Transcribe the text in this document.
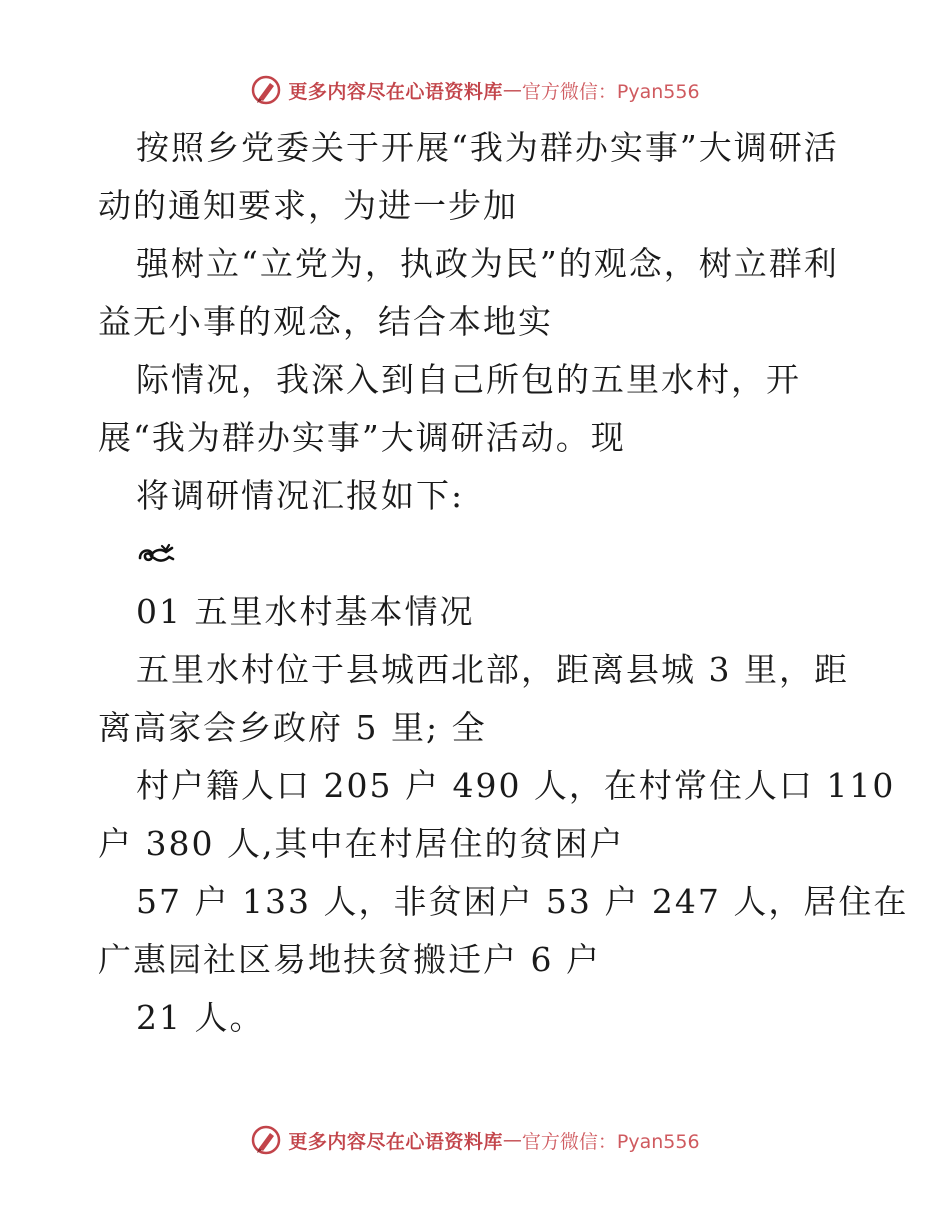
更多内容尽在心语资料库 — 官方微信：Pyan556
按照乡党委关于开展“我为群办实事”大调研活
动的通知要求，为进一步加
强树立“立党为，执政为民”的观念，树立群利
益无小事的观念，结合本地实
际情况，我深入到自己所包的五里水村，开
展“我为群办实事”大调研活动。现
将调研情况汇报如下:
01 五里水村基本情况
五里水村位于县城西北部，距离县城 3 里，距
离高家会乡政府 5 里; 全
村户籍人口 205 户 490 人，在村常住人口 110
户 380 人,其中在村居住的贫困户
57 户 133 人，非贫困户 53 户 247 人，居住在
广惠园社区易地扶贫搬迁户 6 户
21 人。
更多内容尽在心语资料库 — 官方微信：Pyan556
